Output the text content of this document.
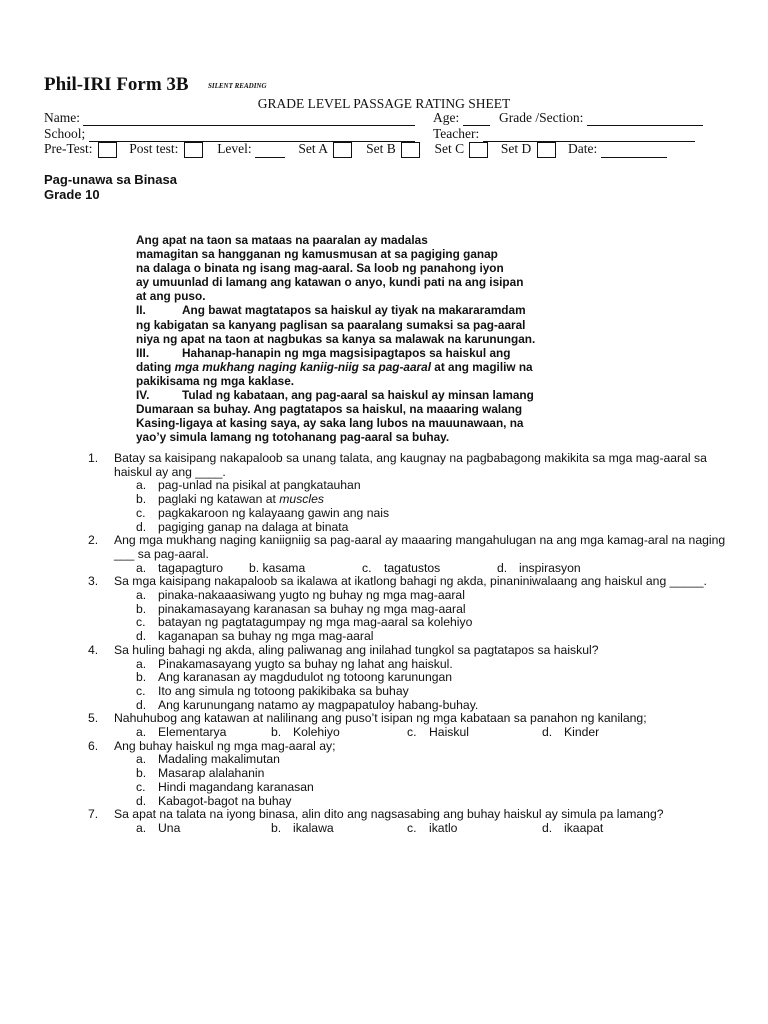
Phil-IRI Form 3B	SILENT READING
GRADE LEVEL PASSAGE RATING SHEET
Name:	Age:	Grade /Section:
School;	Teacher:
Pre-Test:	Post test:	Level:	Set A	Set B	Set C	Set D	Date:
Pag-unawa sa Binasa
Grade 10
Ang apat na taon sa mataas na paaralan ay madalas
mamagitan sa hangganan ng kamusmusan at sa pagiging ganap
na dalaga o binata ng isang mag-aaral. Sa loob ng panahong iyon
ay umuunlad di lamang ang katawan o anyo, kundi pati na ang isipan
at ang puso.
II.	Ang bawat magtatapos sa haiskul ay tiyak na makararamdam
ng kabigatan sa kanyang paglisan sa paaralang sumaksi sa pag-aaral
niya ng apat na taon at nagbukas sa kanya sa malawak na karunungan.
III.	Hahanap-hanapin ng mga magsisipagtapos sa haiskul ang
dating mga mukhang naging kaniig-niig sa pag-aaral at ang magiliw na
pakikisama ng mga kaklase.
IV.	Tulad ng kabataan, ang pag-aaral sa haiskul ay minsan lamang
Dumaraan sa buhay. Ang pagtatapos sa haiskul, na maaaring walang
Kasing-ligaya at kasing saya, ay saka lang lubos na mauunawaan, na
yao’y simula lamang ng totohanang pag-aaral sa buhay.
1. Batay sa kaisipang nakapaloob sa unang talata, ang kaugnay na pagbabagong makikita sa mga mag-aaral sa haiskul ay ang ____.
a. pag-unlad na pisikal at pangkatauhan
b. paglaki ng katawan at muscles
c. pagkakaroon ng kalayaang gawin ang nais
d. pagiging ganap na dalaga at binata
2. Ang mga mukhang naging kaniigniig sa pag-aaral ay maaaring mangahulugan na ang mga kamag-aral na naging ___ sa pag-aaral.
a. tagapagturo b. kasama	c.	tagatustos	d. inspirasyon
3. Sa mga kaisipang nakapaloob sa ikalawa at ikatlong bahagi ng akda, pinaniniwalaang ang haiskul ang _____.
a. pinaka-nakaaasiwang yugto ng buhay ng mga mag-aaral
b. pinakamasayang karanasan sa buhay ng mga mag-aaral
c. batayan ng pagtatagumpay ng mga mag-aaral sa kolehiyo
d. kaganapan sa buhay ng mga mag-aaral
4. Sa huling bahagi ng akda, aling paliwanag ang inilahad tungkol sa pagtatapos sa haiskul?
a. Pinakamasayang yugto sa buhay ng lahat ang haiskul.
b. Ang karanasan ay magdudulot ng totoong karunungan
c. Ito ang simula ng totoong pakikibaka sa buhay
d. Ang karunungang natamo ay magpapatuloy habang-buhay.
5. Nahuhubog ang katawan at nalilinang ang puso’t isipan ng mga kabataan sa panahon ng kanilang;
a. Elementarya	b. Kolehiyo	c.	Haiskul	d. Kinder
6. Ang buhay haiskul ng mga mag-aaral ay;
a. Madaling makalimutan
b. Masarap alalahanin
c. Hindi magandang karanasan
d. Kabagot-bagot na buhay
7. Sa apat na talata na iyong binasa, alin dito ang nagsasabing ang buhay haiskul ay simula pa lamang?
a. Una	b. ikalawa	c.	ikatlo	d. ikaapat
